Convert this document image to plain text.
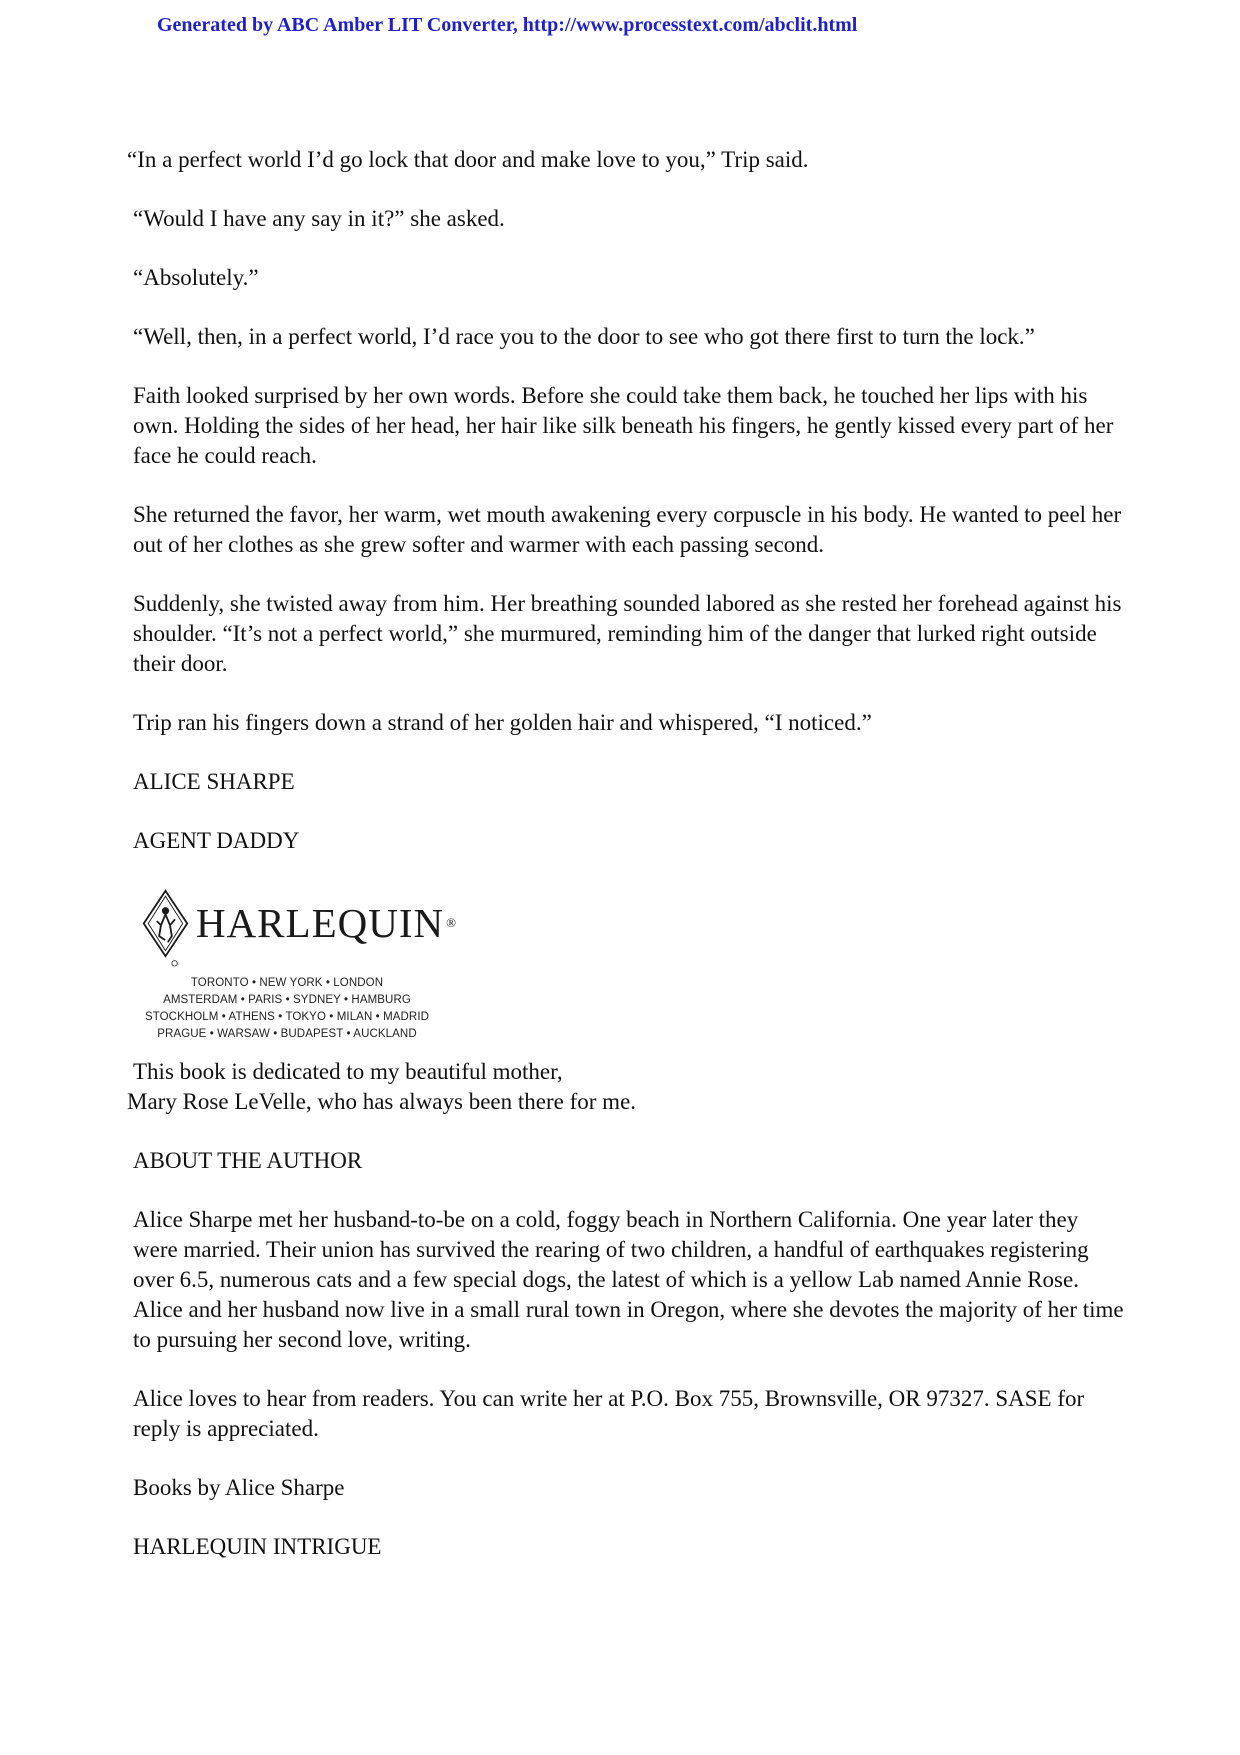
Generated by ABC Amber LIT Converter, http://www.processtext.com/abclit.html

“In a perfect world I’d go lock that door and make love to you,” Trip said.

“Would I have any say in it?” she asked.

“Absolutely.”

“Well, then, in a perfect world, I’d race you to the door to see who got there first to turn the lock.”

Faith looked surprised by her own words. Before she could take them back, he touched her lips with his own. Holding the sides of her head, her hair like silk beneath his fingers, he gently kissed every part of her face he could reach.

She returned the favor, her warm, wet mouth awakening every corpuscle in his body. He wanted to peel her out of her clothes as she grew softer and warmer with each passing second.

Suddenly, she twisted away from him. Her breathing sounded labored as she rested her forehead against his shoulder. “It’s not a perfect world,” she murmured, reminding him of the danger that lurked right outside their door.

Trip ran his fingers down a strand of her golden hair and whispered, “I noticed.”

ALICE SHARPE

AGENT DADDY

HARLEQUIN ®
TORONTO • NEW YORK • LONDON
AMSTERDAM • PARIS • SYDNEY • HAMBURG
STOCKHOLM • ATHENS • TOKYO • MILAN • MADRID
PRAGUE • WARSAW • BUDAPEST • AUCKLAND

This book is dedicated to my beautiful mother,
Mary Rose LeVelle, who has always been there for me.

ABOUT THE AUTHOR

Alice Sharpe met her husband-to-be on a cold, foggy beach in Northern California. One year later they were married. Their union has survived the rearing of two children, a handful of earthquakes registering over 6.5, numerous cats and a few special dogs, the latest of which is a yellow Lab named Annie Rose. Alice and her husband now live in a small rural town in Oregon, where she devotes the majority of her time to pursuing her second love, writing.

Alice loves to hear from readers. You can write her at P.O. Box 755, Brownsville, OR 97327. SASE for reply is appreciated.

Books by Alice Sharpe

HARLEQUIN INTRIGUE
